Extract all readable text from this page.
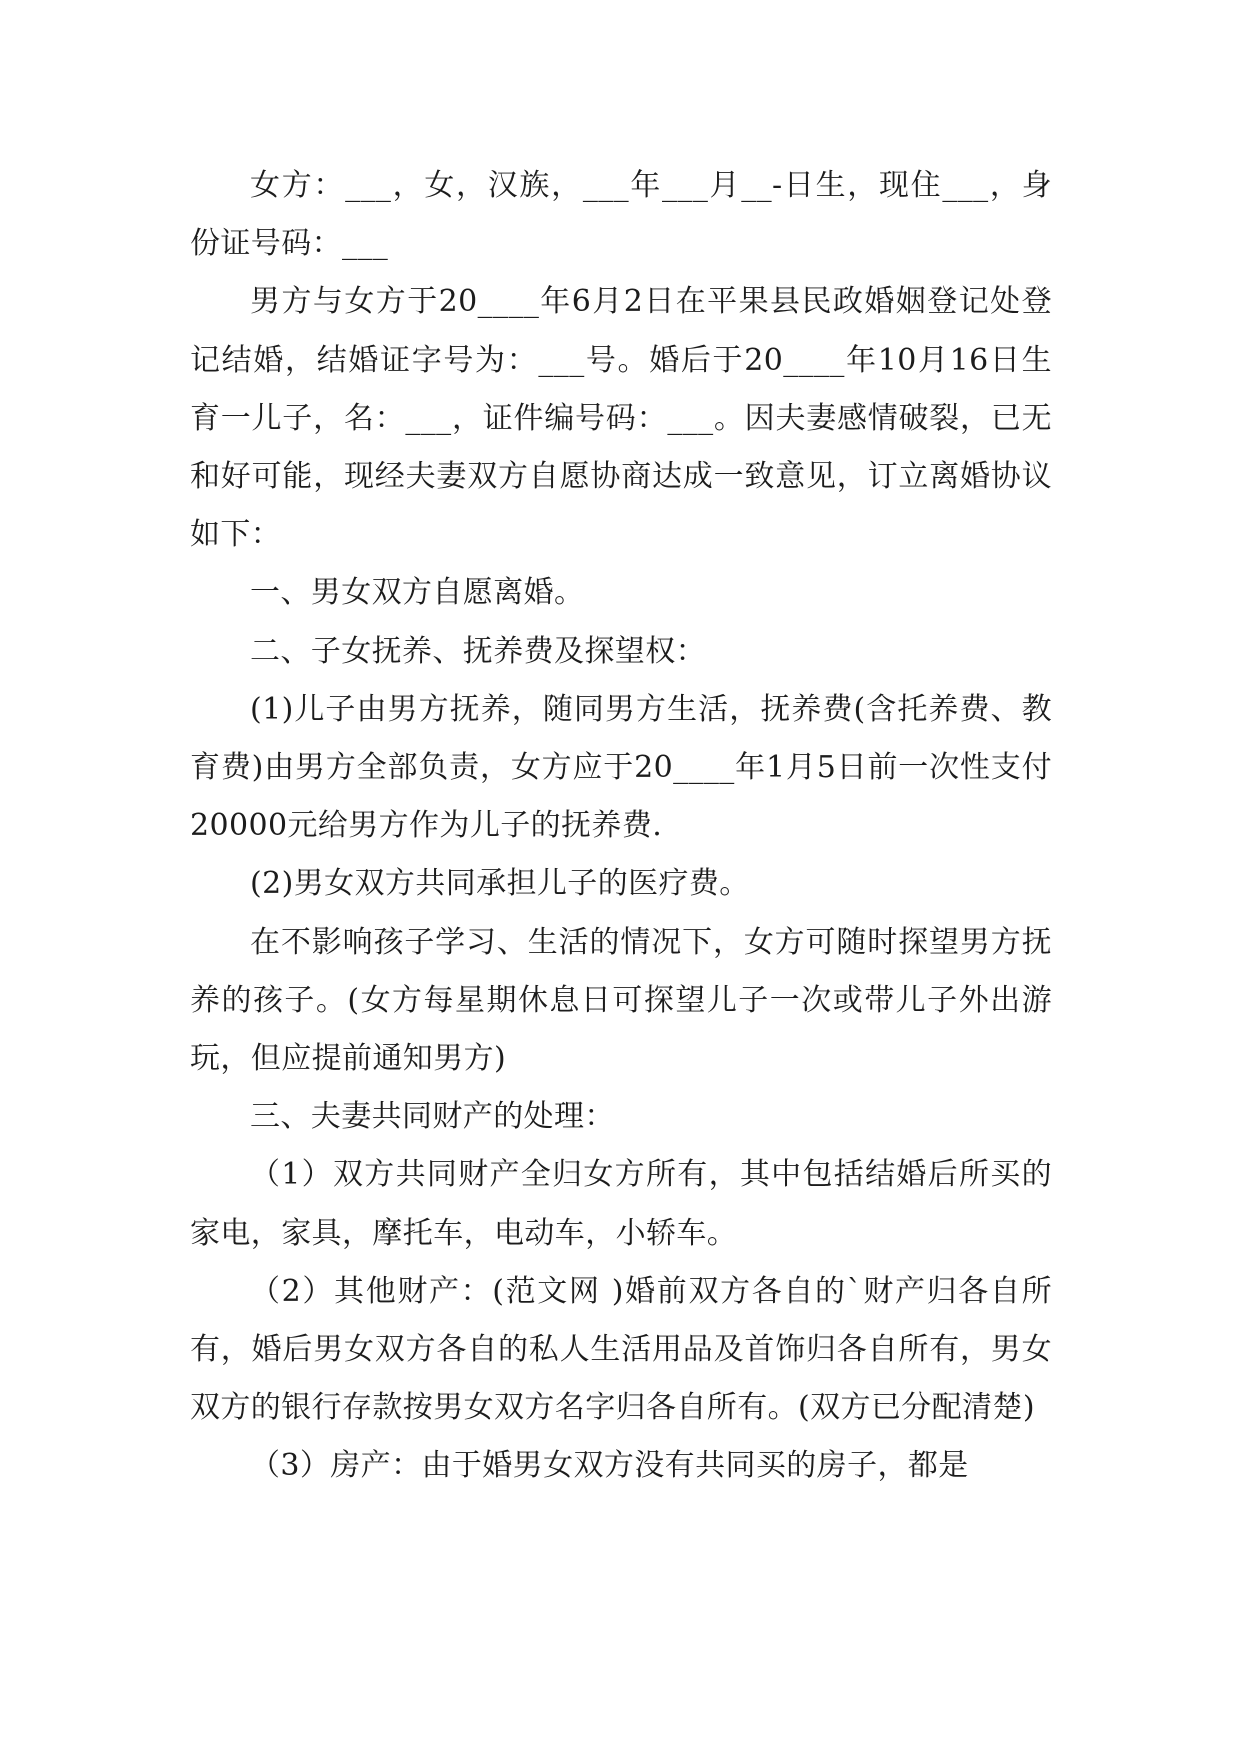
女方：___，女，汉族，___年___月__-日生，现住___，身份证号码：___

男方与女方于20____年6月2日在平果县民政婚姻登记处登记结婚，结婚证字号为：___号。婚后于20____年10月16日生育一儿子，名：___，证件编号码：___。因夫妻感情破裂，已无和好可能，现经夫妻双方自愿协商达成一致意见，订立离婚协议如下：

一、男女双方自愿离婚。

二、子女抚养、抚养费及探望权：

(1)儿子由男方抚养，随同男方生活，抚养费(含托养费、教育费)由男方全部负责，女方应于20____年1月5日前一次性支付20000元给男方作为儿子的抚养费.

(2)男女双方共同承担儿子的医疗费。

在不影响孩子学习、生活的情况下，女方可随时探望男方抚养的孩子。(女方每星期休息日可探望儿子一次或带儿子外出游玩，但应提前通知男方)

三、夫妻共同财产的处理：

（1）双方共同财产全归女方所有，其中包括结婚后所买的家电，家具，摩托车，电动车，小轿车。

（2）其他财产：(范文网 )婚前双方各自的`财产归各自所有，婚后男女双方各自的私人生活用品及首饰归各自所有，男女双方的银行存款按男女双方名字归各自所有。(双方已分配清楚)

（3）房产：由于婚男女双方没有共同买的房子，都是
